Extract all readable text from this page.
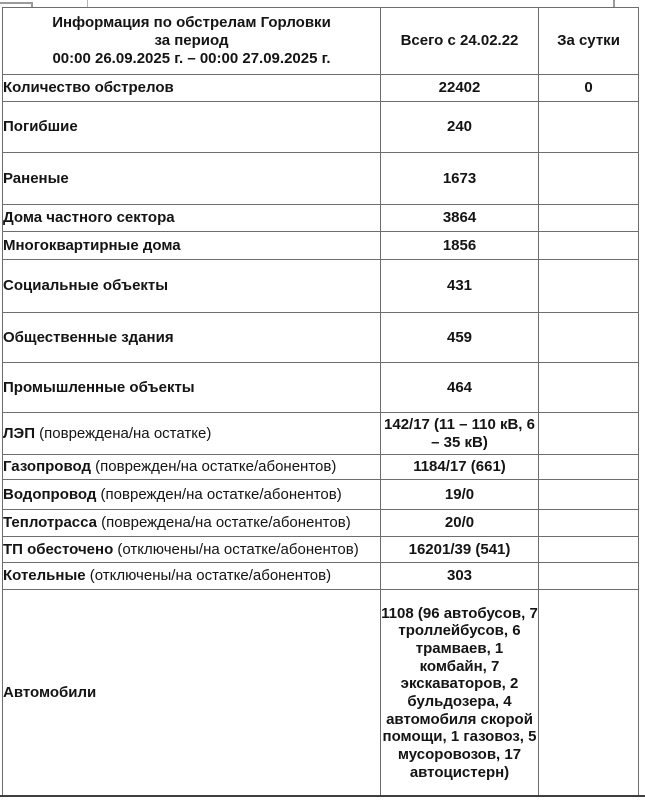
Информация по обстрелам Горловки
за период
00:00 26.09.2025 г. – 00:00 27.09.2025 г.	Всего с 24.02.22	За сутки
Количество обстрелов	22402	0
Погибшие	240	
Раненые	1673	
Дома частного сектора	3864	
Многоквартирные дома	1856	
Социальные объекты	431	
Общественные здания	459	
Промышленные объекты	464	
ЛЭП (повреждена/на остатке)	142/17 (11 – 110 кВ, 6 – 35 кВ)	
Газопровод (поврежден/на остатке/абонентов)	1184/17 (661)	
Водопровод (поврежден/на остатке/абонентов)	19/0	
Теплотрасса (повреждена/на остатке/абонентов)	20/0	
ТП обесточено (отключены/на остатке/абонентов)	16201/39 (541)	
Котельные (отключены/на остатке/абонентов)	303	
Автомобили	1108 (96 автобусов, 7 троллейбусов, 6 трамваев, 1 комбайн, 7 экскаваторов, 2 бульдозера, 4 автомобиля скорой помощи, 1 газовоз, 5 мусоровозов, 17 автоцистерн)	
